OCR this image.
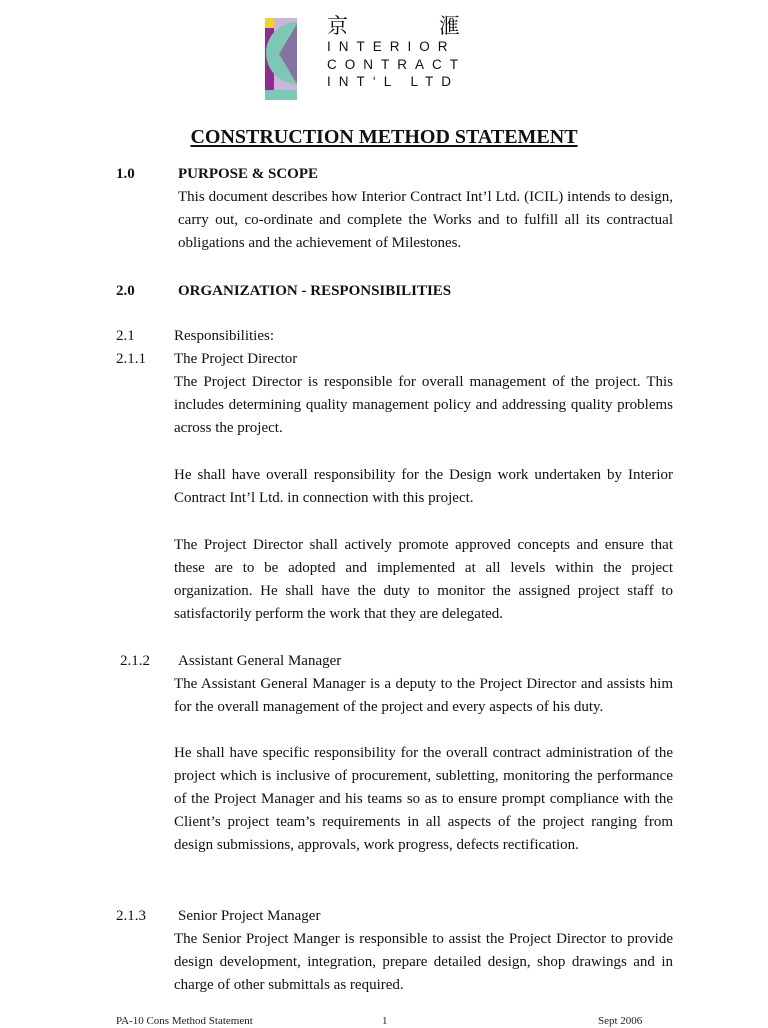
京	滙
INTERIOR
CONTRACT
INT‘L LTD
CONSTRUCTION METHOD STATEMENT
1.0	PURPOSE & SCOPE
This document describes how Interior Contract Int’l Ltd. (ICIL) intends to design, carry out, co-ordinate and complete the Works and to fulfill all its contractual obligations and the achievement of Milestones.
2.0	ORGANIZATION - RESPONSIBILITIES
2.1	Responsibilities:
2.1.1 The Project Director
The Project Director is responsible for overall management of the project. This includes determining quality management policy and addressing quality problems across the project.
He shall have overall responsibility for the Design work undertaken by Interior Contract Int’l Ltd. in connection with this project.
The Project Director shall actively promote approved concepts and ensure that these are to be adopted and implemented at all levels within the project organization. He shall have the duty to monitor the assigned project staff to satisfactorily perform the work that they are delegated.
2.1.2 Assistant General Manager
The Assistant General Manager is a deputy to the Project Director and assists him for the overall management of the project and every aspects of his duty.
He shall have specific responsibility for the overall contract administration of the project which is inclusive of procurement, subletting, monitoring the performance of the Project Manager and his teams so as to ensure prompt compliance with the Client’s project team’s requirements in all aspects of the project ranging from design submissions, approvals, work progress, defects rectification.
2.1.3 Senior Project Manager
The Senior Project Manger is responsible to assist the Project Director to provide design development, integration, prepare detailed design, shop drawings and in charge of other submittals as required.
PA-10 Cons Method Statement	1	Sept 2006
